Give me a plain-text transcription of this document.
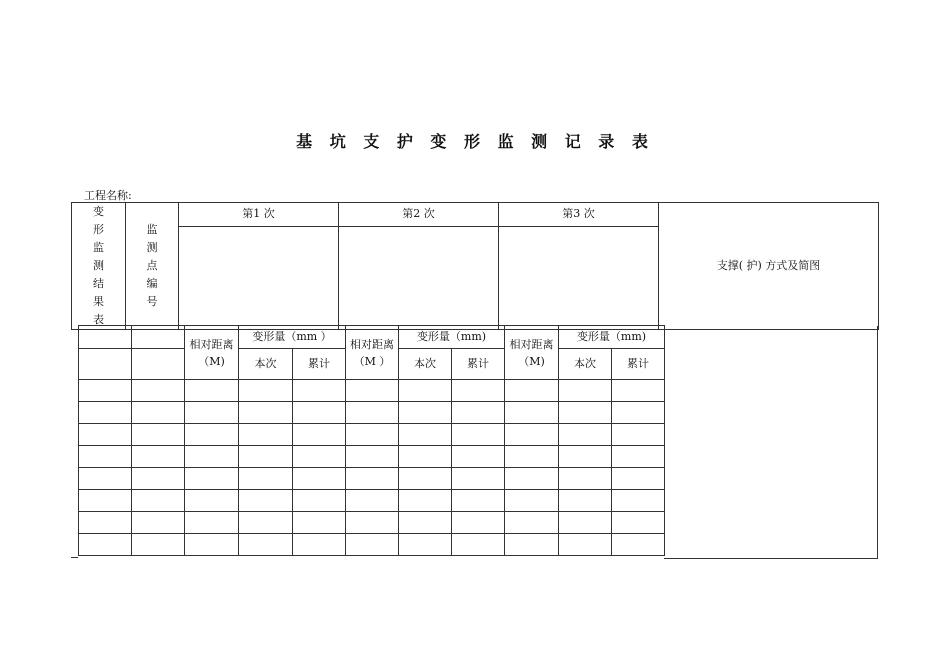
基 坑 支 护 变 形 监 测 记 录 表
工程名称:
变形监测结果表	监测点编号	第1 次	第2 次	第3 次	支撑( 护) 方式及简图

		相对距离（M)	变形量（mm ）		相对距离（M ）	变形量（mm)		相对距离（M)	变形量（mm)	
			本次	累计		本次	累计		本次	累计
